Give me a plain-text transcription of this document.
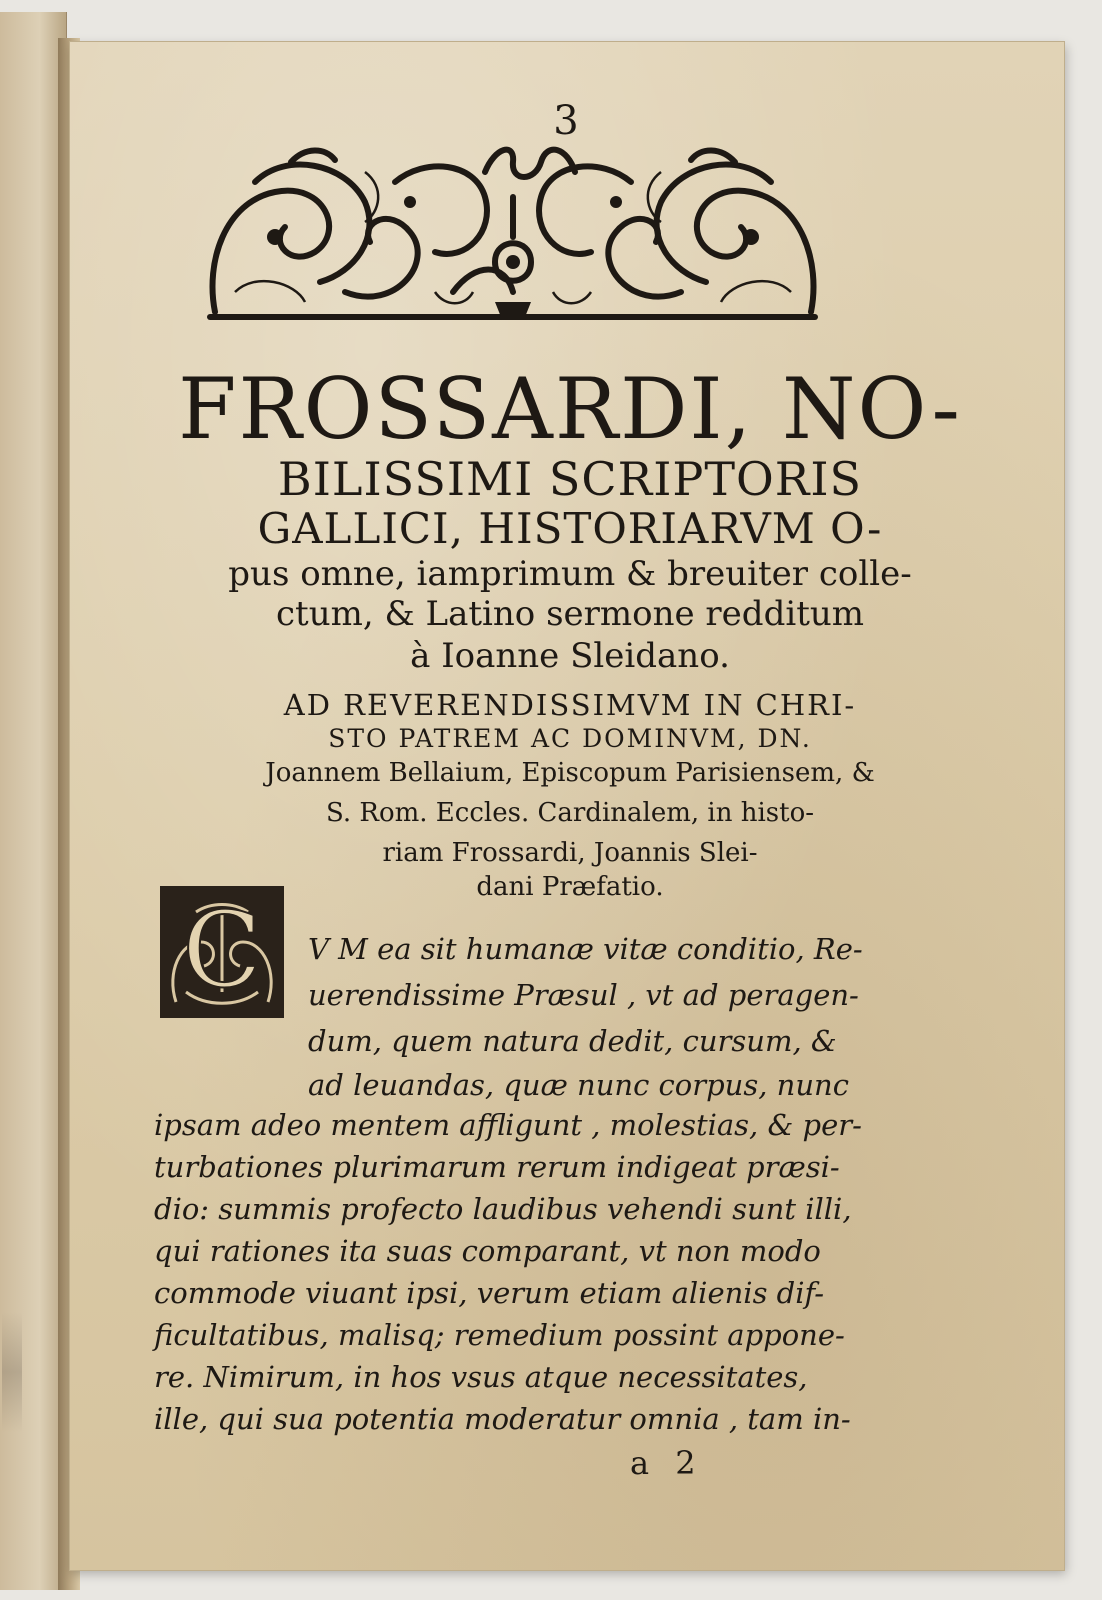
3
FROSSARDI, NO-
BILISSIMI SCRIPTORIS
GALLICI, HISTORIARVM O-

pus omne, iamprimum & breuiter colle-

ctum, & Latino sermone redditum

à Ioanne Sleidano.

AD REVERENDISSIMVM IN CHRI-

STO PATREM AC DOMINVM, DN.

Joannem Bellaium, Episcopum Parisiensem, &

S. Rom. Eccles. Cardinalem, in histo-

riam Frossardi, Joannis Slei-

dani Præfatio.

C V M ea sit humanæ vitæ conditio, Re-

uerendissime Præsul , vt ad peragen-

dum, quem natura dedit, cursum, &

ad leuandas, quæ nunc corpus, nunc

ipsam adeo mentem affligunt , molestias, & per-

turbationes plurimarum rerum indigeat præsi-

dio: summis profecto laudibus vehendi sunt illi,

qui rationes ita suas comparant, vt non modo

commode viuant ipsi, verum etiam alienis dif-

ficultatibus, malisq; remedium possint appone-

re. Nimirum, in hos vsus atque necessitates,

ille, qui sua potentia moderatur omnia , tam in-

a 2
